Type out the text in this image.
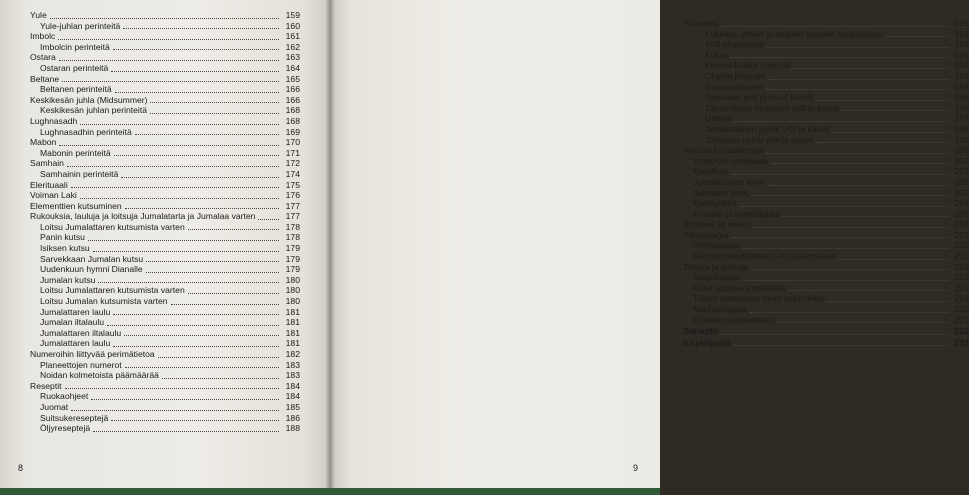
Yule	159
Yule-juhlan perinteitä	160
Imbolc	161
Imbolcin perinteitä	162
Ostara	163
Ostaran perinteitä	164
Beltane	165
Beltanen perinteitä	166
Keskikesän juhla (Midsummer)	166
Keskikesän juhlan perinteitä	168
Lughnasadh	168
Lughnasadhin perinteitä	169
Mabon	170
Mabonin perinteitä	171
Samhain	172
Samhainin perinteitä	174
Elerituaali	175
Voiman Laki	176
Elementtien kutsuminen	177
Rukouksia, lauluja ja loitsuja Jumalatarta ja Jumalaa varten	177
Loitsu Jumalattaren kutsumista varten	178
Panin kutsu	178
Isiksen kutsu	179
Sarvekkaan Jumalan kutsu	179
Uudenkuun hymni Dianalle	179
Jumalan kutsu	180
Loitsu Jumalattaren kutsumista varten	180
Loitsu Jumalan kutsumista varten	180
Jumalattaren laulu	181
Jumalan iltalaulu	181
Jumalattaren iltalaulu	181
Jumalattaren laulu	181
Numeroihin liittyvää perimätietoa	182
Planeettojen numerot	183
Noidan kolmetoista päämäärää	183
Reseptit	184
Ruokaohjeet	184
Juomat	185
Suitsukereseptejä	186
Öljyreseptejä	188
8
Yrttiopas	191
Kukkien, yrttien ja muiden kasvien kerääminen	191
Yrtit ympyrässä	191
Kokot	191
Kotona luodut ympyrät	192
Ohjeita juhlijalle	192
Rituaalivälineet	193
Sapattien yrtit ja muut kasvit	196
Täydenkuun rituaalien yrtit ja kasvit	196
Ulrihjat	197
Jumalattarien pyhät yrtit ja kasvit	198
Jumalten pyhät yrtit ja kasvit	198
Wiccan kristallimagia	200
Ympyrän valmistelu	202
Kivialttari	202
Jumalattarien kivet	202
Jumalten kivet	203
Kiviröykkiöt	204
Kristalli- ja kynttilätaika	205
Symbolit ja merkit	206
Riimumagia	207
Riimutaikoja	210
Riimujen käyttäminen ennustamiseen	215
Taikoja ja loitsuja	216
Suojelulaulu	219
Kotia suojaava peilitaika	219
Toisen asettaman taian torjuminen	219
Nauhamagiaa	220
Esineen suojaaminen	221
Sanasto	222
Kirjailijasta	232
9
